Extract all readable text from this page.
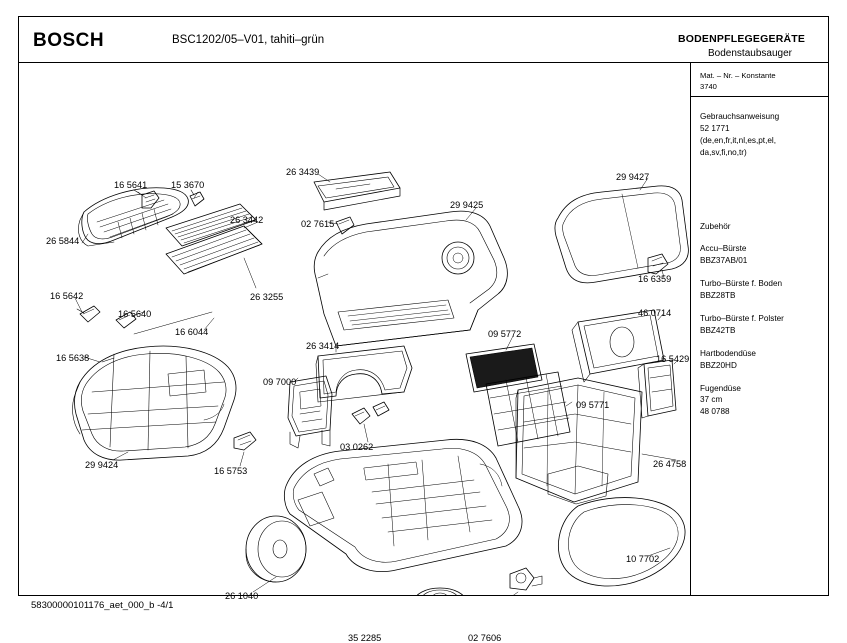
BOSCH	BSC1202/05–V01, tahiti–grün	BODENPFLEGEGERÄTE
Bodenstaubsauger
Mat. – Nr. – Konstante
3740
Gebrauchsanweisung
52 1771
(de,en,fr,it,nl,es,pt,el,
da,sv,fi,no,tr)
Zubehör
Accu–Bürste
BBZ37AB/01
Turbo–Bürste f. Boden
BBZ28TB
Turbo–Bürste f. Polster
BBZ42TB
Hartbodendüse
BBZ20HD
Fugendüse
37 cm
48 0788
58300000101176_aet_000_b -4/1
16 5641	15 3670
26 3439	29 9427
29 9425
02 7615
26 3442
26 5844
16 6359
26 3255
16 5642
46 0714
16 5640
16 6044	09 5772
26 3414
16 5638	16 5429
09 7000
09 5771
03 0262
26 4758
29 9424
16 5753
10 7702
26 1040
35 2285	02 7606
